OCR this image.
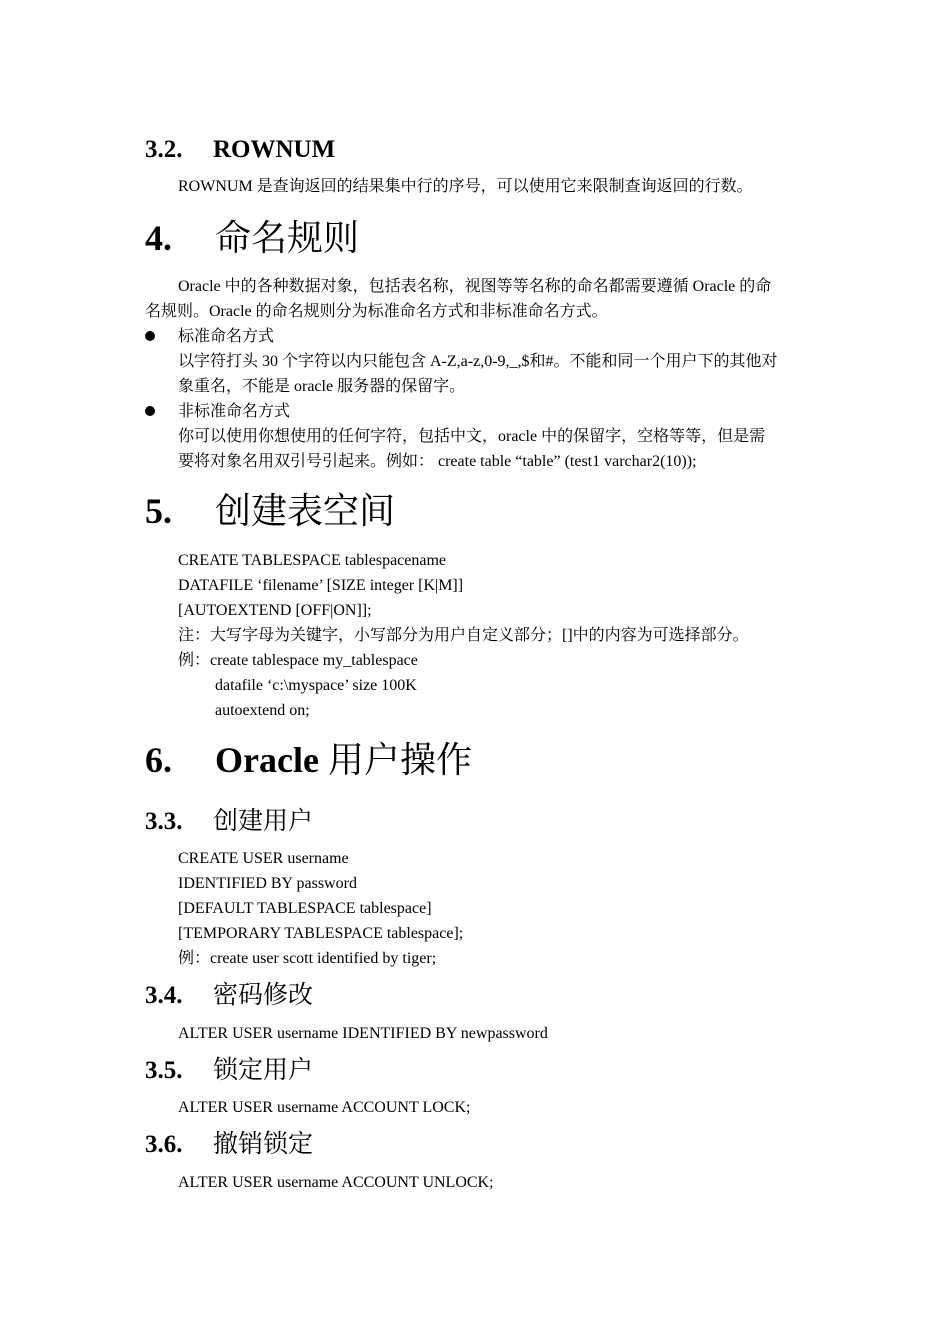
3.2. ROWNUM
ROWNUM 是查询返回的结果集中行的序号，可以使用它来限制查询返回的行数。
4. 命名规则
Oracle 中的各种数据对象，包括表名称，视图等等名称的命名都需要遵循 Oracle 的命
名规则。Oracle 的命名规则分为标准命名方式和非标准命名方式。
标准命名方式
以字符打头 30 个字符以内只能包含 A-Z,a-z,0-9,_,$和#。不能和同一个用户下的其他对
象重名，不能是 oracle 服务器的保留字。
非标准命名方式
你可以使用你想使用的任何字符，包括中文，oracle 中的保留字，空格等等，但是需
要将对象名用双引号引起来。例如： create table “table” (test1 varchar2(10));
5. 创建表空间
CREATE TABLESPACE tablespacename
DATAFILE ‘filename’ [SIZE integer [K|M]]
[AUTOEXTEND [OFF|ON]];
注：大写字母为关键字，小写部分为用户自定义部分；[]中的内容为可选择部分。
例：create tablespace my_tablespace
datafile ‘c:\myspace’ size 100K
autoextend on;
6. Oracle 用户操作
3.3. 创建用户
CREATE USER username
IDENTIFIED BY password
[DEFAULT TABLESPACE tablespace]
[TEMPORARY TABLESPACE tablespace];
例：create user scott identified by tiger;
3.4. 密码修改
ALTER USER username IDENTIFIED BY newpassword
3.5. 锁定用户
ALTER USER username ACCOUNT LOCK;
3.6. 撤销锁定
ALTER USER username ACCOUNT UNLOCK;
